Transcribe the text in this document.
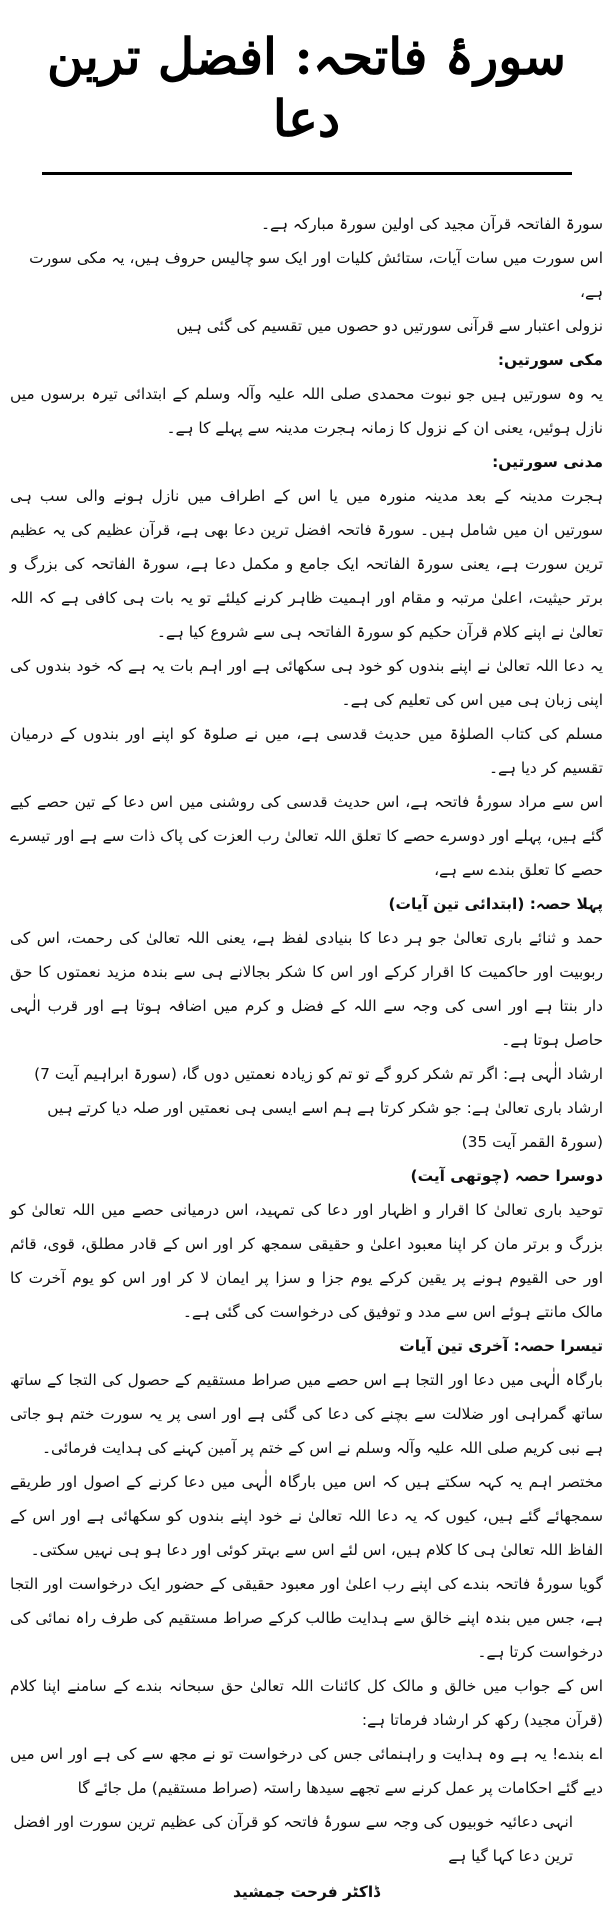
سورۂ فاتحہ: افضل ترین دعا

سورۃ الفاتحہ قرآن مجید کی اولین سورۃ مبارکہ ہے۔

اس سورت میں سات آیات، ستائش کلیات اور ایک سو چالیس حروف ہیں، یہ مکی سورت ہے،

نزولی اعتبار سے قرآنی سورتیں دو حصوں میں تقسیم کی گئی ہیں

مکی سورتیں:

یہ وہ سورتیں ہیں جو نبوت محمدی صلی اللہ علیہ وآلہ وسلم کے ابتدائی تیرہ برسوں میں نازل ہوئیں، یعنی ان کے نزول کا زمانہ ہجرت مدینہ سے پہلے کا ہے۔

مدنی سورتیں:

ہجرت مدینہ کے بعد مدینہ منورہ میں یا اس کے اطراف میں نازل ہونے والی سب ہی سورتیں ان میں شامل ہیں۔ سورۃ فاتحہ افضل ترین دعا بھی ہے، قرآن عظیم کی یہ عظیم ترین سورت ہے، یعنی سورۃ الفاتحہ ایک جامع و مکمل دعا ہے، سورۃ الفاتحہ کی بزرگ و برتر حیثیت، اعلیٰ مرتبہ و مقام اور اہمیت ظاہر کرنے کیلئے تو یہ بات ہی کافی ہے کہ اللہ تعالیٰ نے اپنے کلام قرآن حکیم کو سورۃ الفاتحہ ہی سے شروع کیا ہے۔

یہ دعا اللہ تعالیٰ نے اپنے بندوں کو خود ہی سکھائی ہے اور اہم بات یہ ہے کہ خود بندوں کی اپنی زبان ہی میں اس کی تعلیم کی ہے۔

مسلم کی کتاب الصلوٰۃ میں حدیث قدسی ہے، میں نے صلوۃ کو اپنے اور بندوں کے درمیان تقسیم کر دیا ہے۔

اس سے مراد سورۂ فاتحہ ہے، اس حدیث قدسی کی روشنی میں اس دعا کے تین حصے کیے گئے ہیں، پہلے اور دوسرے حصے کا تعلق اللہ تعالیٰ رب العزت کی پاک ذات سے ہے اور تیسرے حصے کا تعلق بندے سے ہے،

پہلا حصہ: (ابتدائی تین آیات)

حمد و ثنائے باری تعالیٰ جو ہر دعا کا بنیادی لفظ ہے، یعنی اللہ تعالیٰ کی رحمت، اس کی ربوبیت اور حاکمیت کا اقرار کرکے اور اس کا شکر بجالانے ہی سے بندہ مزید نعمتوں کا حق دار بنتا ہے اور اسی کی وجہ سے اللہ کے فضل و کرم میں اضافہ ہوتا ہے اور قرب الٰہی حاصل ہوتا ہے۔

ارشاد الٰہی ہے: اگر تم شکر کرو گے تو تم کو زیادہ نعمتیں دوں گا، (سورۃ ابراہیم آیت 7)

ارشاد باری تعالیٰ ہے: جو شکر کرتا ہے ہم اسے ایسی ہی نعمتیں اور صلہ دیا کرتے ہیں (سورۃ القمر آیت 35)

دوسرا حصہ (چوتھی آیت)

توحید باری تعالیٰ کا اقرار و اظہار اور دعا کی تمہید، اس درمیانی حصے میں اللہ تعالیٰ کو بزرگ و برتر مان کر اپنا معبود اعلیٰ و حقیقی سمجھ کر اور اس کے قادر مطلق، قوی، قائم اور حی القیوم ہونے پر یقین کرکے یوم جزا و سزا پر ایمان لا کر اور اس کو یوم آخرت کا مالک مانتے ہوئے اس سے مدد و توفیق کی درخواست کی گئی ہے۔

تیسرا حصہ: آخری تین آیات

بارگاہ الٰہی میں دعا اور التجا ہے اس حصے میں صراط مستقیم کے حصول کی التجا کے ساتھ ساتھ گمراہی اور ضلالت سے بچنے کی دعا کی گئی ہے اور اسی پر یہ سورت ختم ہو جاتی ہے نبی کریم صلی اللہ علیہ وآلہ وسلم نے اس کے ختم پر آمین کہنے کی ہدایت فرمائی۔

مختصر اہم یہ کہہ سکتے ہیں کہ اس میں بارگاہ الٰہی میں دعا کرنے کے اصول اور طریقے سمجھائے گئے ہیں، کیوں کہ یہ دعا اللہ تعالیٰ نے خود اپنے بندوں کو سکھائی ہے اور اس کے الفاظ اللہ تعالیٰ ہی کا کلام ہیں، اس لئے اس سے بہتر کوئی اور دعا ہو ہی نہیں سکتی۔

گویا سورۂ فاتحہ بندے کی اپنے رب اعلیٰ اور معبود حقیقی کے حضور ایک درخواست اور التجا ہے، جس میں بندہ اپنے خالق سے ہدایت طالب کرکے صراط مستقیم کی طرف راہ نمائی کی درخواست کرتا ہے۔

اس کے جواب میں خالق و مالک کل کائنات اللہ تعالیٰ حق سبحانہ بندے کے سامنے اپنا کلام (قرآن مجید) رکھ کر ارشاد فرماتا ہے:

اے بندے! یہ ہے وہ ہدایت و راہنمائی جس کی درخواست تو نے مجھ سے کی ہے اور اس میں دیے گئے احکامات پر عمل کرنے سے تجھے سیدھا راستہ (صراط مستقیم) مل جائے گا

انہی دعائیہ خوبیوں کی وجہ سے سورۂ فاتحہ کو قرآن کی عظیم ترین سورت اور افضل ترین دعا کہا گیا ہے

ڈاکٹر فرحت جمشید
